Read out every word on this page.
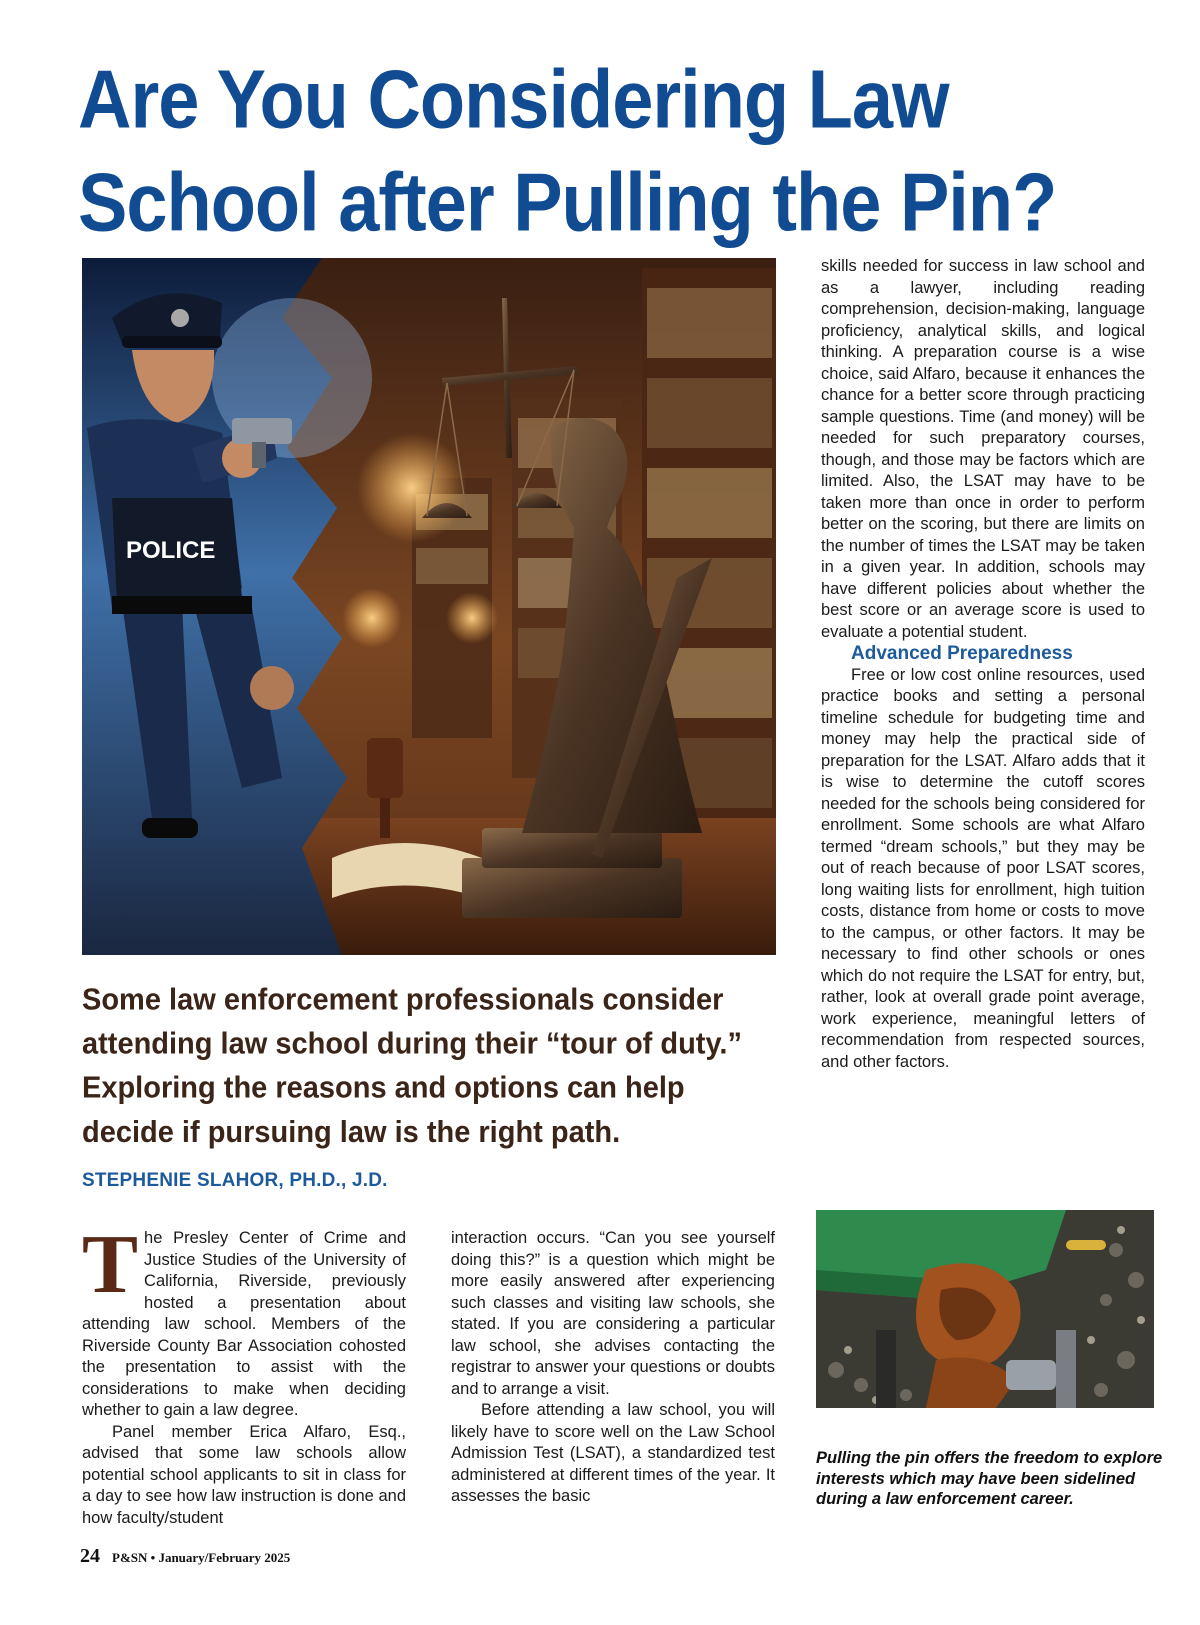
Are You Considering Law School after Pulling the Pin?
POLICE

Some law enforcement professionals consider attending law school during their “tour of duty.” Exploring the reasons and options can help decide if pursuing law is the right path.

STEPHENIE SLAHOR, PH.D., J.D.

The Presley Center of Crime and Justice Studies of the University of California, Riverside, previously hosted a presentation about attending law school. Members of the Riverside County Bar Association cohosted the presentation to assist with the considerations to make when deciding whether to gain a law degree.

Panel member Erica Alfaro, Esq., advised that some law schools allow potential school applicants to sit in class for a day to see how law instruction is done and how faculty/student

interaction occurs. “Can you see yourself doing this?” is a question which might be more easily answered after experiencing such classes and visiting law schools, she stated. If you are considering a particular law school, she advises contacting the registrar to answer your questions or doubts and to arrange a visit.

Before attending a law school, you will likely have to score well on the Law School Admission Test (LSAT), a standardized test administered at different times of the year. It assesses the basic

skills needed for success in law school and as a lawyer, including reading comprehension, decision-making, language proficiency, analytical skills, and logical thinking. A preparation course is a wise choice, said Alfaro, because it enhances the chance for a better score through practicing sample questions. Time (and money) will be needed for such preparatory courses, though, and those may be factors which are limited. Also, the LSAT may have to be taken more than once in order to perform better on the scoring, but there are limits on the number of times the LSAT may be taken in a given year. In addition, schools may have different policies about whether the best score or an average score is used to evaluate a potential student.

Advanced Preparedness

Free or low cost online resources, used practice books and setting a personal timeline schedule for budgeting time and money may help the practical side of preparation for the LSAT. Alfaro adds that it is wise to determine the cutoff scores needed for the schools being considered for enrollment. Some schools are what Alfaro termed “dream schools,” but they may be out of reach because of poor LSAT scores, long waiting lists for enrollment, high tuition costs, distance from home or costs to move to the campus, or other factors. It may be necessary to find other schools or ones which do not require the LSAT for entry, but, rather, look at overall grade point average, work experience, meaningful letters of recommendation from respected sources, and other factors.

Pulling the pin offers the freedom to explore interests which may have been sidelined during a law enforcement career.

24 P&SN • January/February 2025
